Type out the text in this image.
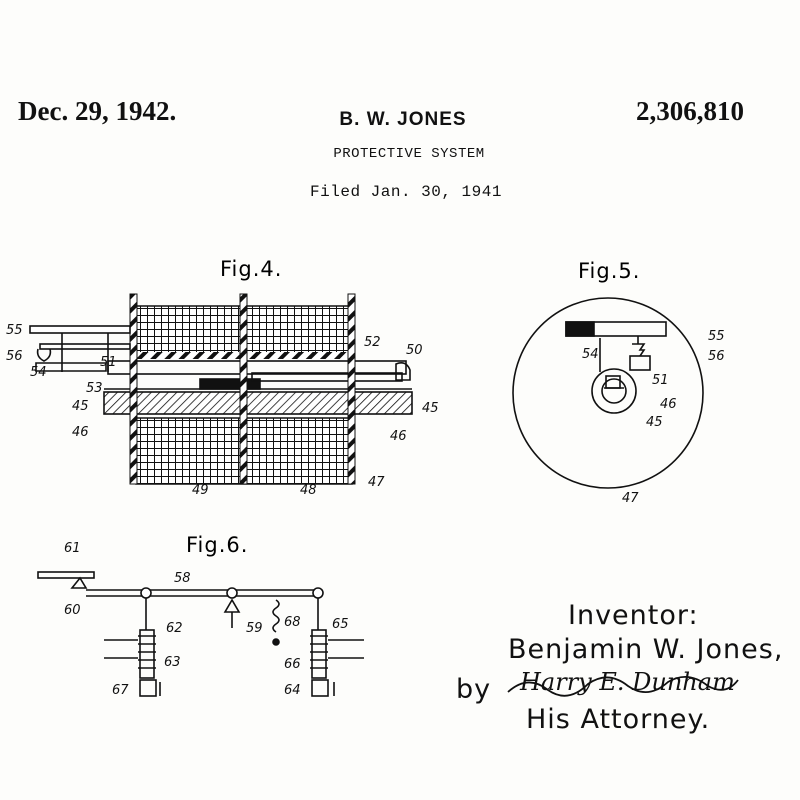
Dec. 29, 1942.	B. W. JONES	2,306,810
PROTECTIVE SYSTEM
Filed Jan. 30, 1941
Fig.4.	Fig.5.
Fig.6.
55
56
54
51
53
45
46
52
50
45
46
49	48
47
55
56
54
51
46
45
47
61
60
58
62
63
59 68 65
66
67	64
Inventor:
Benjamin W. Jones,
by Harry E. Dunham
His Attorney.
